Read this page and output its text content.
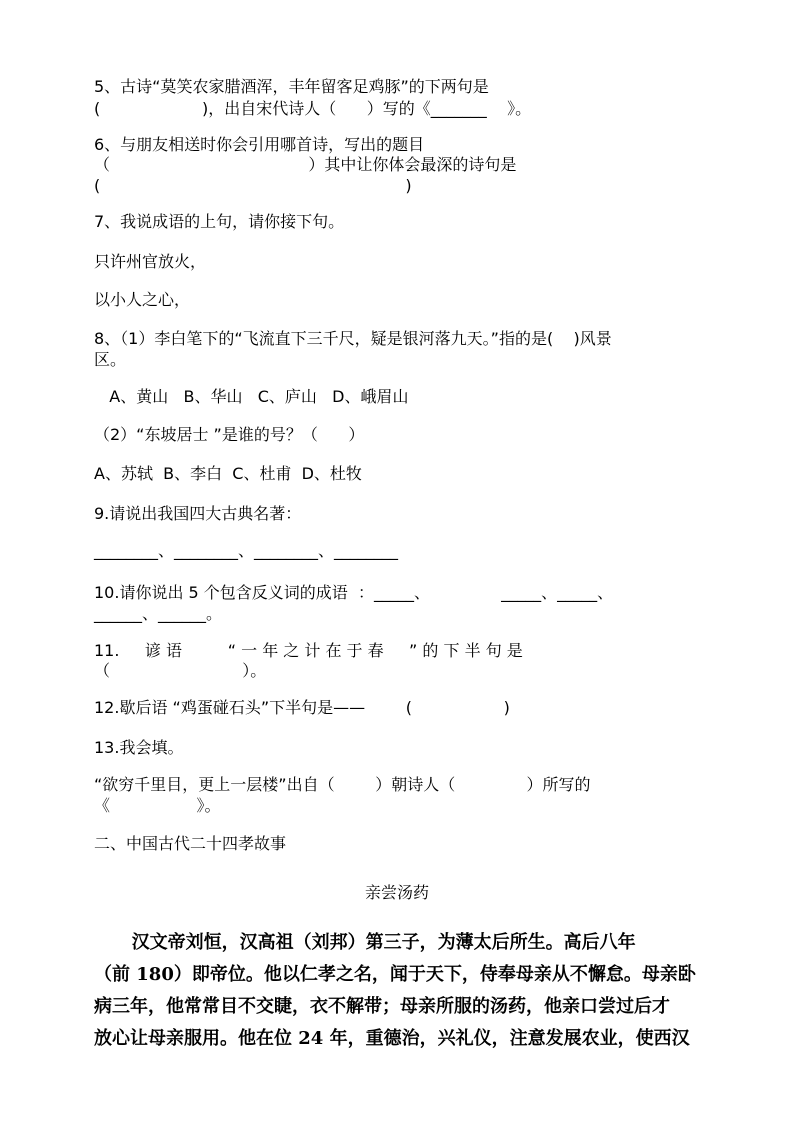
5、古诗“莫笑农家腊酒浑，丰年留客足鸡豚”的下两句是
(                    )，出自宋代诗人（      ）写的《_______    》。
6、与朋友相送时你会引用哪首诗，写出的题目
（                                       ）其中让你体会最深的诗句是
(                                                            )
7、我说成语的上句，请你接下句。
只许州官放火，
以小人之心，
8、（1）李白笔下的“飞流直下三千尺，疑是银河落九天。”指的是(    )风景
区。
A、黄山   B、华山   C、庐山   D、峨眉山
（2）“东坡居士 ”是谁的号？（      ）
A、苏轼  B、李白  C、杜甫  D、杜牧
9.请说出我国四大古典名著：
________、________、________、________
10.请你说出 5 个包含反义词的成语  ：_____、              _____、_____、
______、______。
11.     谚 语         “ 一 年 之 计 在 于 春     ” 的 下 半 句 是
（                          ）。
12.歇后语 “鸡蛋碰石头”下半句是——        (                  )
13.我会填。
“欲穷千里目，更上一层楼”出自（        ）朝诗人（              ）所写的
《                 》。
二、中国古代二十四孝故事
亲尝汤药

汉文帝刘恒，汉高祖（刘邦）第三子，为薄太后所生。高后八年

（前 180）即帝位。他以仁孝之名，闻于天下，侍奉母亲从不懈怠。母亲卧

病三年，他常常目不交睫，衣不解带；母亲所服的汤药，他亲口尝过后才

放心让母亲服用。他在位 24 年，重德治，兴礼仪，注意发展农业，使西汉
